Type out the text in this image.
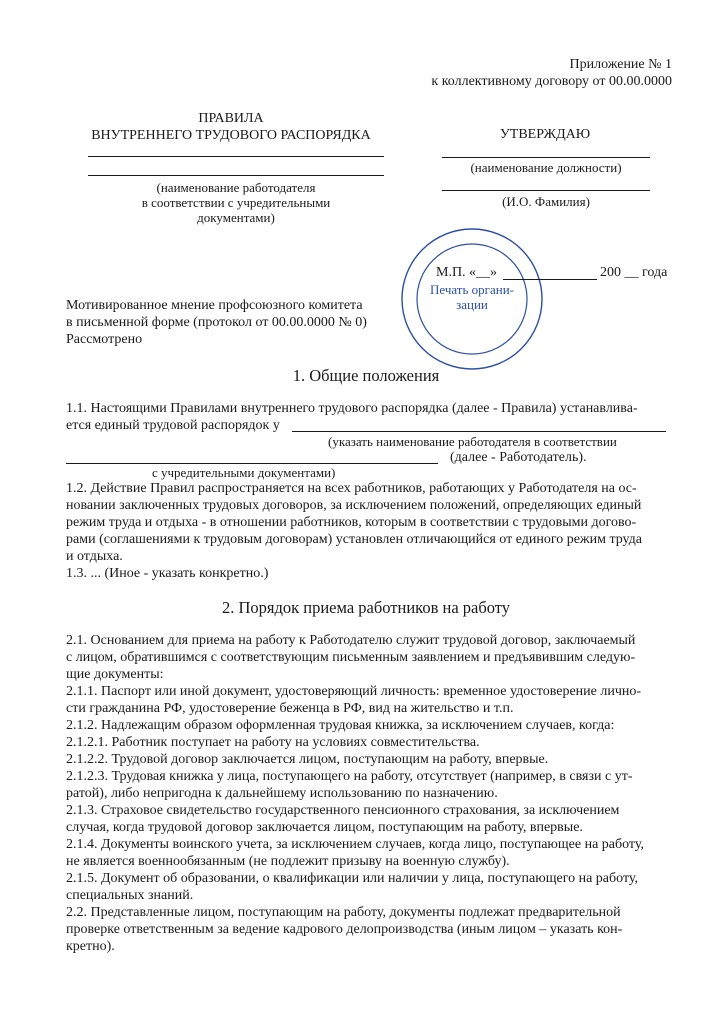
Приложение № 1
к коллективному договору от 00.00.0000
ПРАВИЛА
ВНУТРЕННЕГО ТРУДОВОГО РАСПОРЯДКА
(наименование работодателя
в соответствии с учредительными
документами)
УТВЕРЖДАЮ
(наименование должности)
(И.О. Фамилия)
Печать органи-
зации
М.П. «__»	200 __ года
Мотивированное мнение профсоюзного комитета
в письменной форме (протокол от 00.00.0000 № 0)
Рассмотрено
1. Общие положения
1.1. Настоящими Правилами внутреннего трудового распорядка (далее - Правила) устанавлива-
ется единый трудовой распорядок у
(указать наименование работодателя в соответствии
(далее - Работодатель).
с учредительными документами)
1.2. Действие Правил распространяется на всех работников, работающих у Работодателя на ос-
новании заключенных трудовых договоров, за исключением положений, определяющих единый
режим труда и отдыха - в отношении работников, которым в соответствии с трудовыми догово-
рами (соглашениями к трудовым договорам) установлен отличающийся от единого режим труда
и отдыха.
1.3. ... (Иное - указать конкретно.)
2. Порядок приема работников на работу
2.1. Основанием для приема на работу к Работодателю служит трудовой договор, заключаемый
с лицом, обратившимся с соответствующим письменным заявлением и предъявившим следую-
щие документы:
2.1.1. Паспорт или иной документ, удостоверяющий личность: временное удостоверение лично-
сти гражданина РФ, удостоверение беженца в РФ, вид на жительство и т.п.
2.1.2. Надлежащим образом оформленная трудовая книжка, за исключением случаев, когда:
2.1.2.1. Работник поступает на работу на условиях совместительства.
2.1.2.2. Трудовой договор заключается лицом, поступающим на работу, впервые.
2.1.2.3. Трудовая книжка у лица, поступающего на работу, отсутствует (например, в связи с ут-
ратой), либо непригодна к дальнейшему использованию по назначению.
2.1.3. Страховое свидетельство государственного пенсионного страхования, за исключением
случая, когда трудовой договор заключается лицом, поступающим на работу, впервые.
2.1.4. Документы воинского учета, за исключением случаев, когда лицо, поступающее на работу,
не является военнообязанным (не подлежит призыву на военную службу).
2.1.5. Документ об образовании, о квалификации или наличии у лица, поступающего на работу,
специальных знаний.
2.2. Представленные лицом, поступающим на работу, документы подлежат предварительной
проверке ответственным за ведение кадрового делопроизводства (иным лицом – указать кон-
кретно).
